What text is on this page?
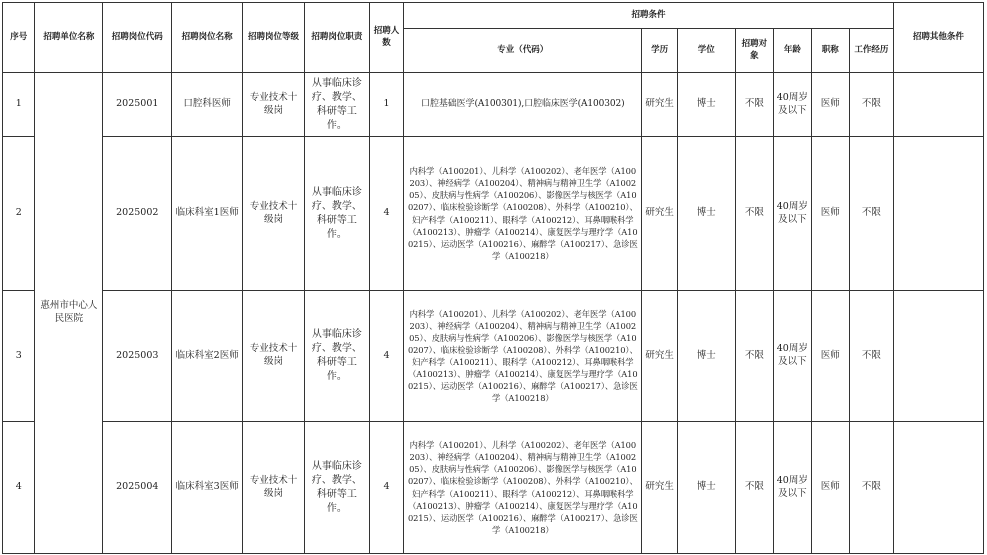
序号	招聘单位名称	招聘岗位代码	招聘岗位名称	招聘岗位等级	招聘岗位职责	招聘人数	招聘条件							招聘其他条件
							专业（代码）	学历	学位	招聘对象	年龄	职称	工作经历	
1	惠州市中心人民医院	2025001	口腔科医师	专业技术十级岗	从事临床诊疗、教学、科研等工作。	1	口腔基础医学(A100301),口腔临床医学(A100302)	研究生	博士	不限	40周岁及以下	医师	不限	
2		2025002	临床科室1医师	专业技术十级岗	从事临床诊疗、教学、科研等工作。	4	内科学（A100201）、儿科学（A100202）、老年医学（A100203）、神经病学（A100204）、精神病与精神卫生学（A100205）、皮肤病与性病学（A100206）、影像医学与核医学（A100207）、临床检验诊断学（A100208）、外科学（A100210）、妇产科学（A100211）、眼科学（A100212）、耳鼻咽喉科学（A100213）、肿瘤学（A100214）、康复医学与理疗学（A100215）、运动医学（A100216）、麻醉学（A100217）、急诊医学（A100218）	研究生	博士	不限	40周岁及以下	医师	不限	
3		2025003	临床科室2医师	专业技术十级岗	从事临床诊疗、教学、科研等工作。	4	内科学（A100201）、儿科学（A100202）、老年医学（A100203）、神经病学（A100204）、精神病与精神卫生学（A100205）、皮肤病与性病学（A100206）、影像医学与核医学（A100207）、临床检验诊断学（A100208）、外科学（A100210）、妇产科学（A100211）、眼科学（A100212）、耳鼻咽喉科学（A100213）、肿瘤学（A100214）、康复医学与理疗学（A100215）、运动医学（A100216）、麻醉学（A100217）、急诊医学（A100218）	研究生	博士	不限	40周岁及以下	医师	不限	
4		2025004	临床科室3医师	专业技术十级岗	从事临床诊疗、教学、科研等工作。	4	内科学（A100201）、儿科学（A100202）、老年医学（A100203）、神经病学（A100204）、精神病与精神卫生学（A100205）、皮肤病与性病学（A100206）、影像医学与核医学（A100207）、临床检验诊断学（A100208）、外科学（A100210）、妇产科学（A100211）、眼科学（A100212）、耳鼻咽喉科学（A100213）、肿瘤学（A100214）、康复医学与理疗学（A100215）、运动医学（A100216）、麻醉学（A100217）、急诊医学（A100218）	研究生	博士	不限	40周岁及以下	医师	不限	
